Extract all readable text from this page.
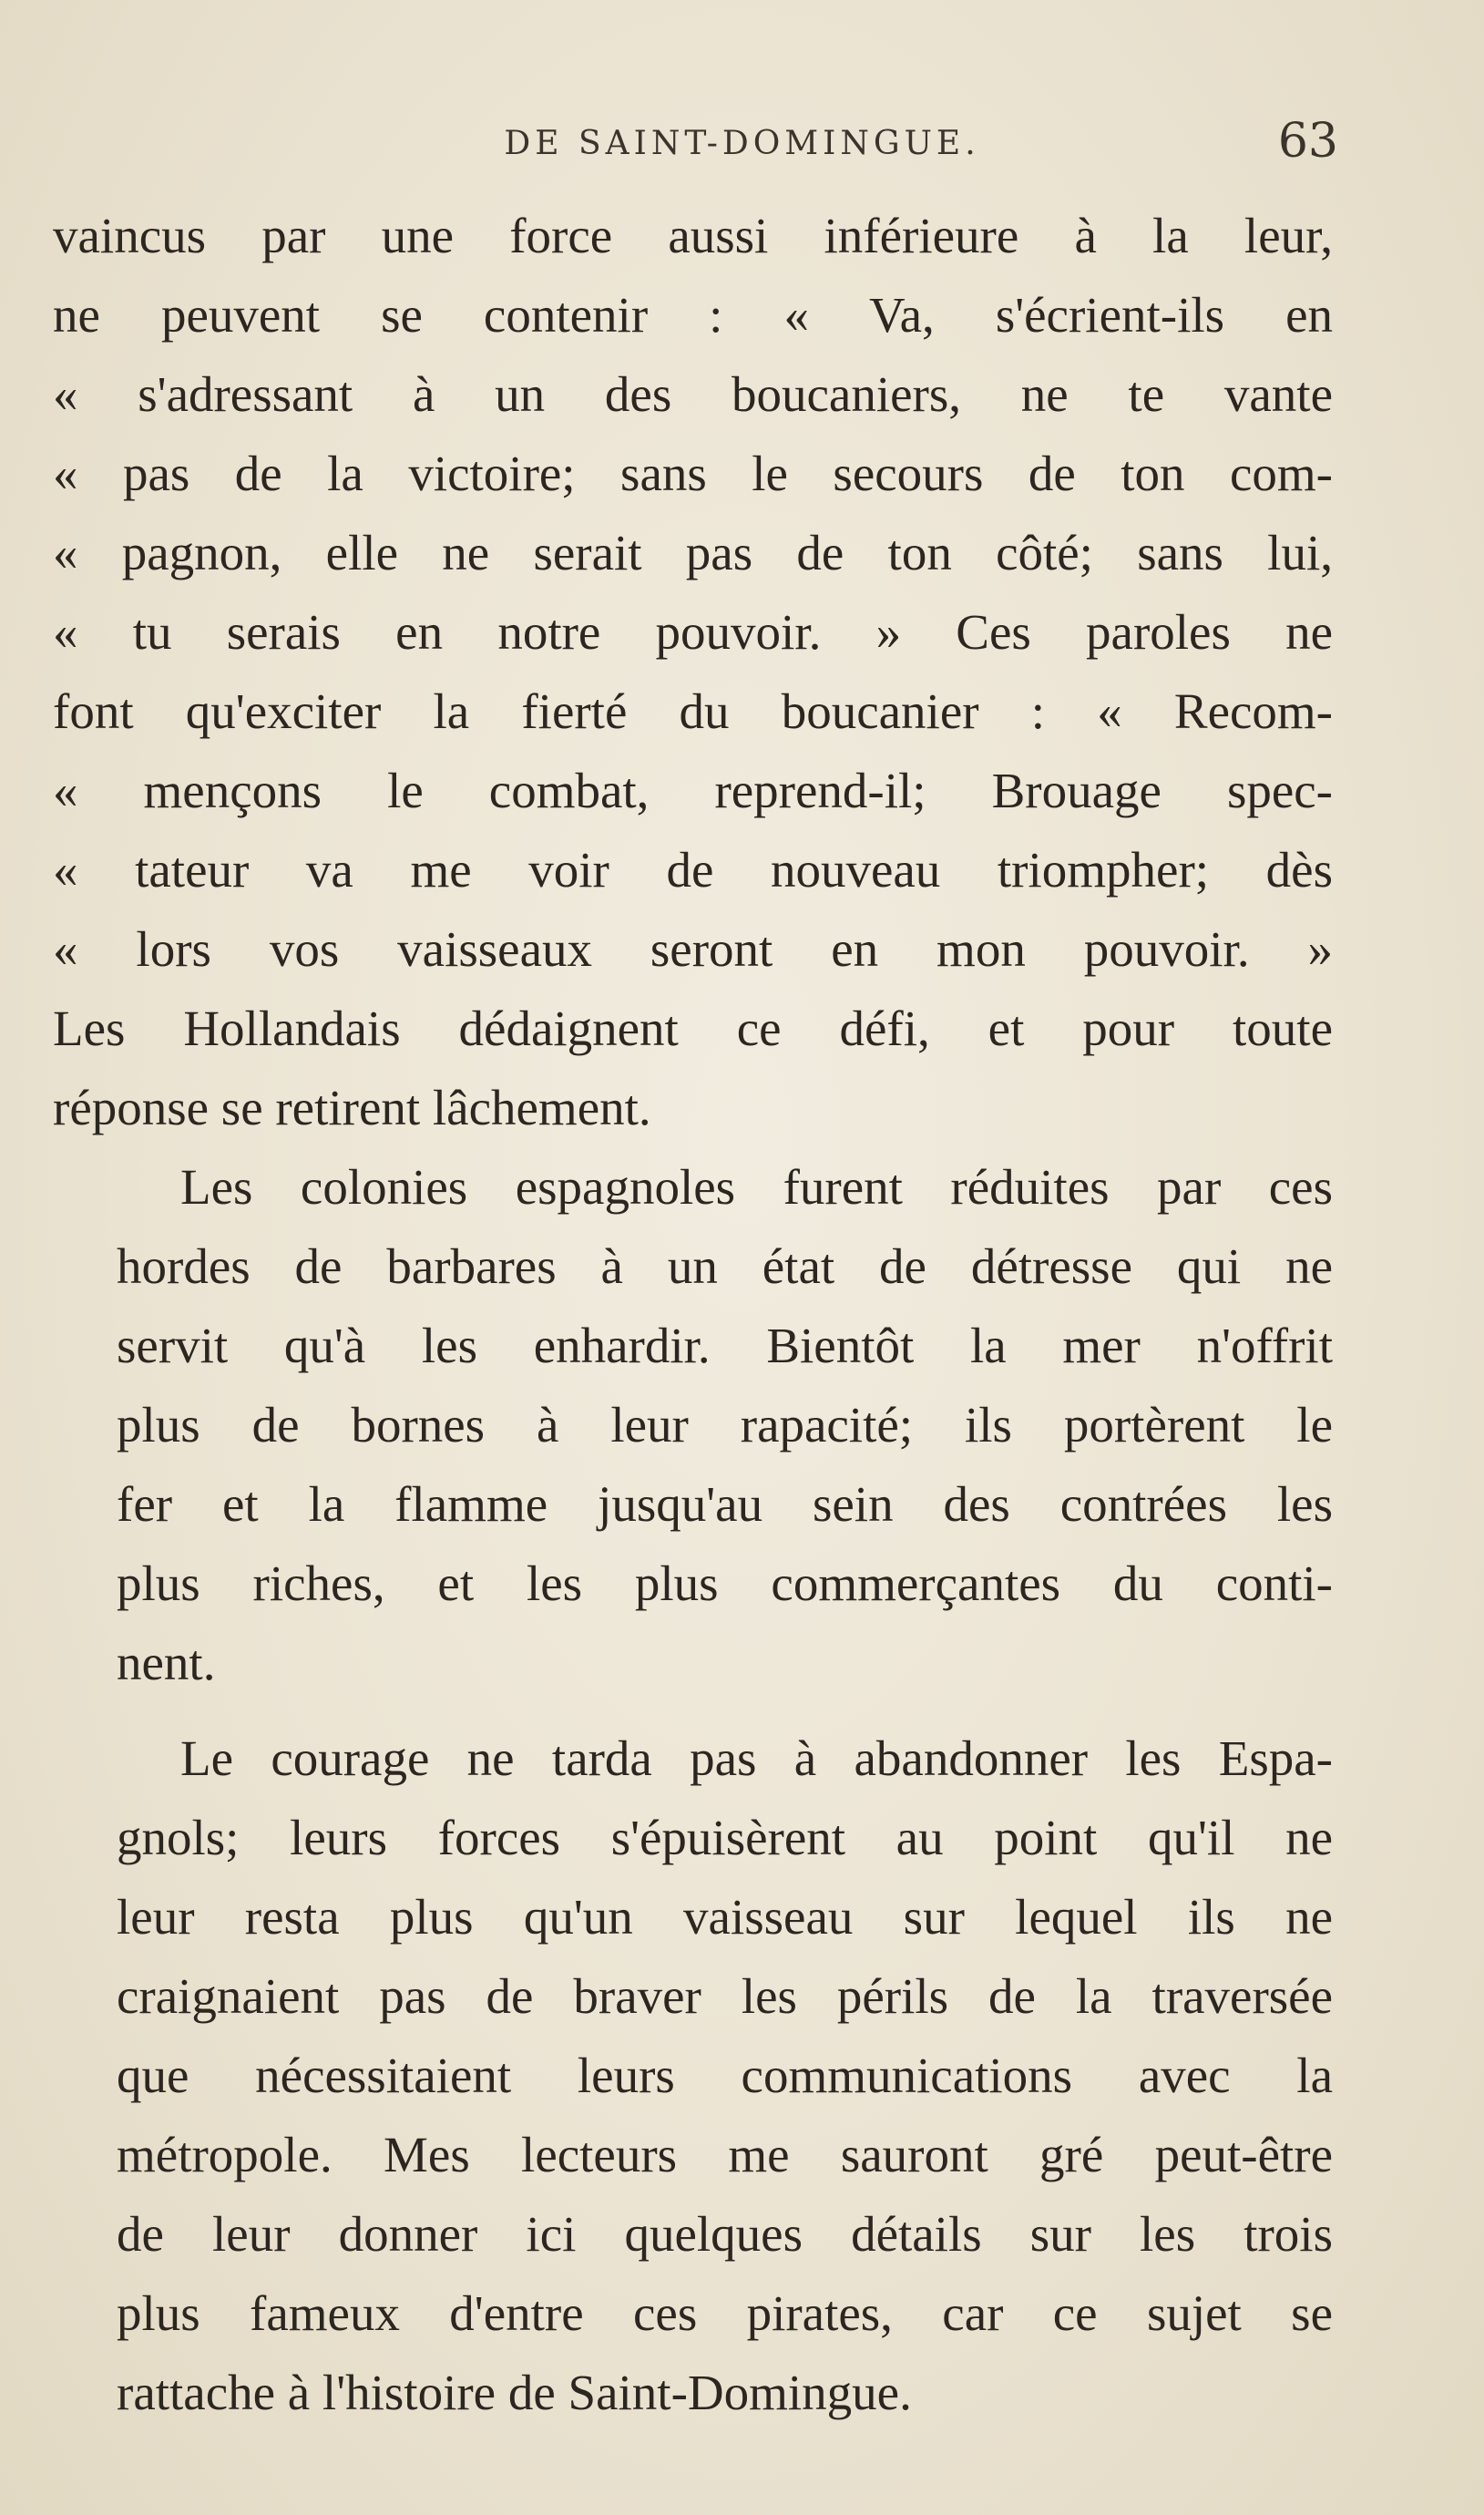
DE SAINT-DOMINGUE.	63
vaincus par une force aussi inférieure à la leur,
ne peuvent se contenir : « Va, s'écrient-ils en
« s'adressant à un des boucaniers, ne te vante
« pas de la victoire; sans le secours de ton com-
« pagnon, elle ne serait pas de ton côté; sans lui,
« tu serais en notre pouvoir. » Ces paroles ne
font qu'exciter la fierté du boucanier : « Recom-
« mençons le combat, reprend-il; Brouage spec-
« tateur va me voir de nouveau triompher; dès
« lors vos vaisseaux seront en mon pouvoir. »
Les Hollandais dédaignent ce défi, et pour toute
réponse se retirent lâchement.
Les colonies espagnoles furent réduites par ces
hordes de barbares à un état de détresse qui ne
servit qu'à les enhardir. Bientôt la mer n'offrit
plus de bornes à leur rapacité; ils portèrent le
fer et la flamme jusqu'au sein des contrées les
plus riches, et les plus commerçantes du conti-
nent.
Le courage ne tarda pas à abandonner les Espa-
gnols; leurs forces s'épuisèrent au point qu'il ne
leur resta plus qu'un vaisseau sur lequel ils ne
craignaient pas de braver les périls de la traversée
que nécessitaient leurs communications avec la
métropole. Mes lecteurs me sauront gré peut-être
de leur donner ici quelques détails sur les trois
plus fameux d'entre ces pirates, car ce sujet se
rattache à l'histoire de Saint-Domingue.
